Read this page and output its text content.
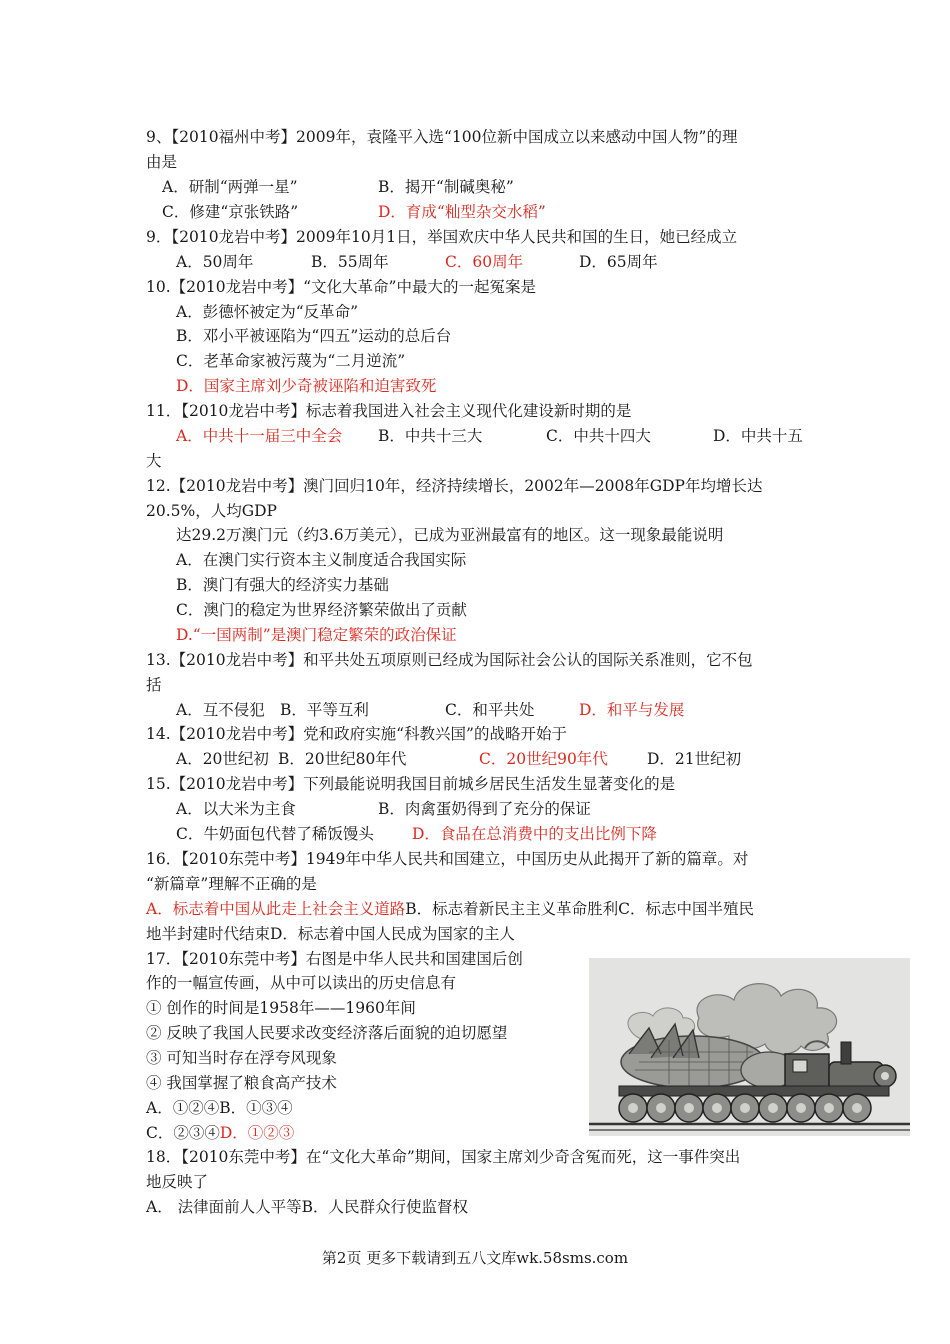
9、【2010福州中考】2009年，袁隆平入选“100位新中国成立以来感动中国人物”的理
由是
A．研制“两弹一星”	B．揭开“制碱奥秘”
C．修建“京张铁路”	D．育成“籼型杂交水稻”
9．【2010龙岩中考】2009年10月1日，举国欢庆中华人民共和国的生日，她已经成立
A．50周年	B．55周年	C．60周年	D．65周年
10.【2010龙岩中考】“文化大革命”中最大的一起冤案是
A．彭德怀被定为“反革命”
B．邓小平被诬陷为“四五”运动的总后台
C．老革命家被污蔑为“二月逆流”
D．国家主席刘少奇被诬陷和迫害致死
11．【2010龙岩中考】标志着我国进入社会主义现代化建设新时期的是
A．中共十一届三中全会 B．中共十三大	C．中共十四大	D．中共十五
大
12.【2010龙岩中考】澳门回归10年，经济持续增长，2002年—2008年GDP年均增长达
20.5%，人均GDP
达29.2万澳门元（约3.6万美元），已成为亚洲最富有的地区。这一现象最能说明
A．在澳门实行资本主义制度适合我国实际
B．澳门有强大的经济实力基础
C．澳门的稳定为世界经济繁荣做出了贡献
D.“一国两制”是澳门稳定繁荣的政治保证
13.【2010龙岩中考】和平共处五项原则已经成为国际社会公认的国际关系准则，它不包
括
A．互不侵犯 B．平等互利	C．和平共处	D．和平与发展
14.【2010龙岩中考】党和政府实施“科教兴国”的战略开始于
A．20世纪初 B．20世纪80年代	C．20世纪90年代	D．21世纪初
15.【2010龙岩中考】下列最能说明我国目前城乡居民生活发生显著变化的是
A．以大米为主食	B．肉禽蛋奶得到了充分的保证
C．牛奶面包代替了稀饭馒头 D．食品在总消费中的支出比例下降
16．【2010东莞中考】1949年中华人民共和国建立，中国历史从此揭开了新的篇章。对
“新篇章”理解不正确的是
A．标志着中国从此走上社会主义道路B．标志着新民主主义革命胜利C．标志中国半殖民
地半封建时代结束D．标志着中国人民成为国家的主人
17．【2010东莞中考】右图是中华人民共和国建国后创
作的一幅宣传画，从中可以读出的历史信息有
① 创作的时间是1958年——1960年间
② 反映了我国人民要求改变经济落后面貌的迫切愿望
③ 可知当时存在浮夸风现象
④ 我国掌握了粮食高产技术
A．①②④B．①③④
C．②③④D．①②③
18．【2010东莞中考】在“文化大革命”期间，国家主席刘少奇含冤而死，这一事件突出
地反映了
A． 法律面前人人平等B．人民群众行使监督权
第2页 更多下载请到五八文库wk.58sms.com
